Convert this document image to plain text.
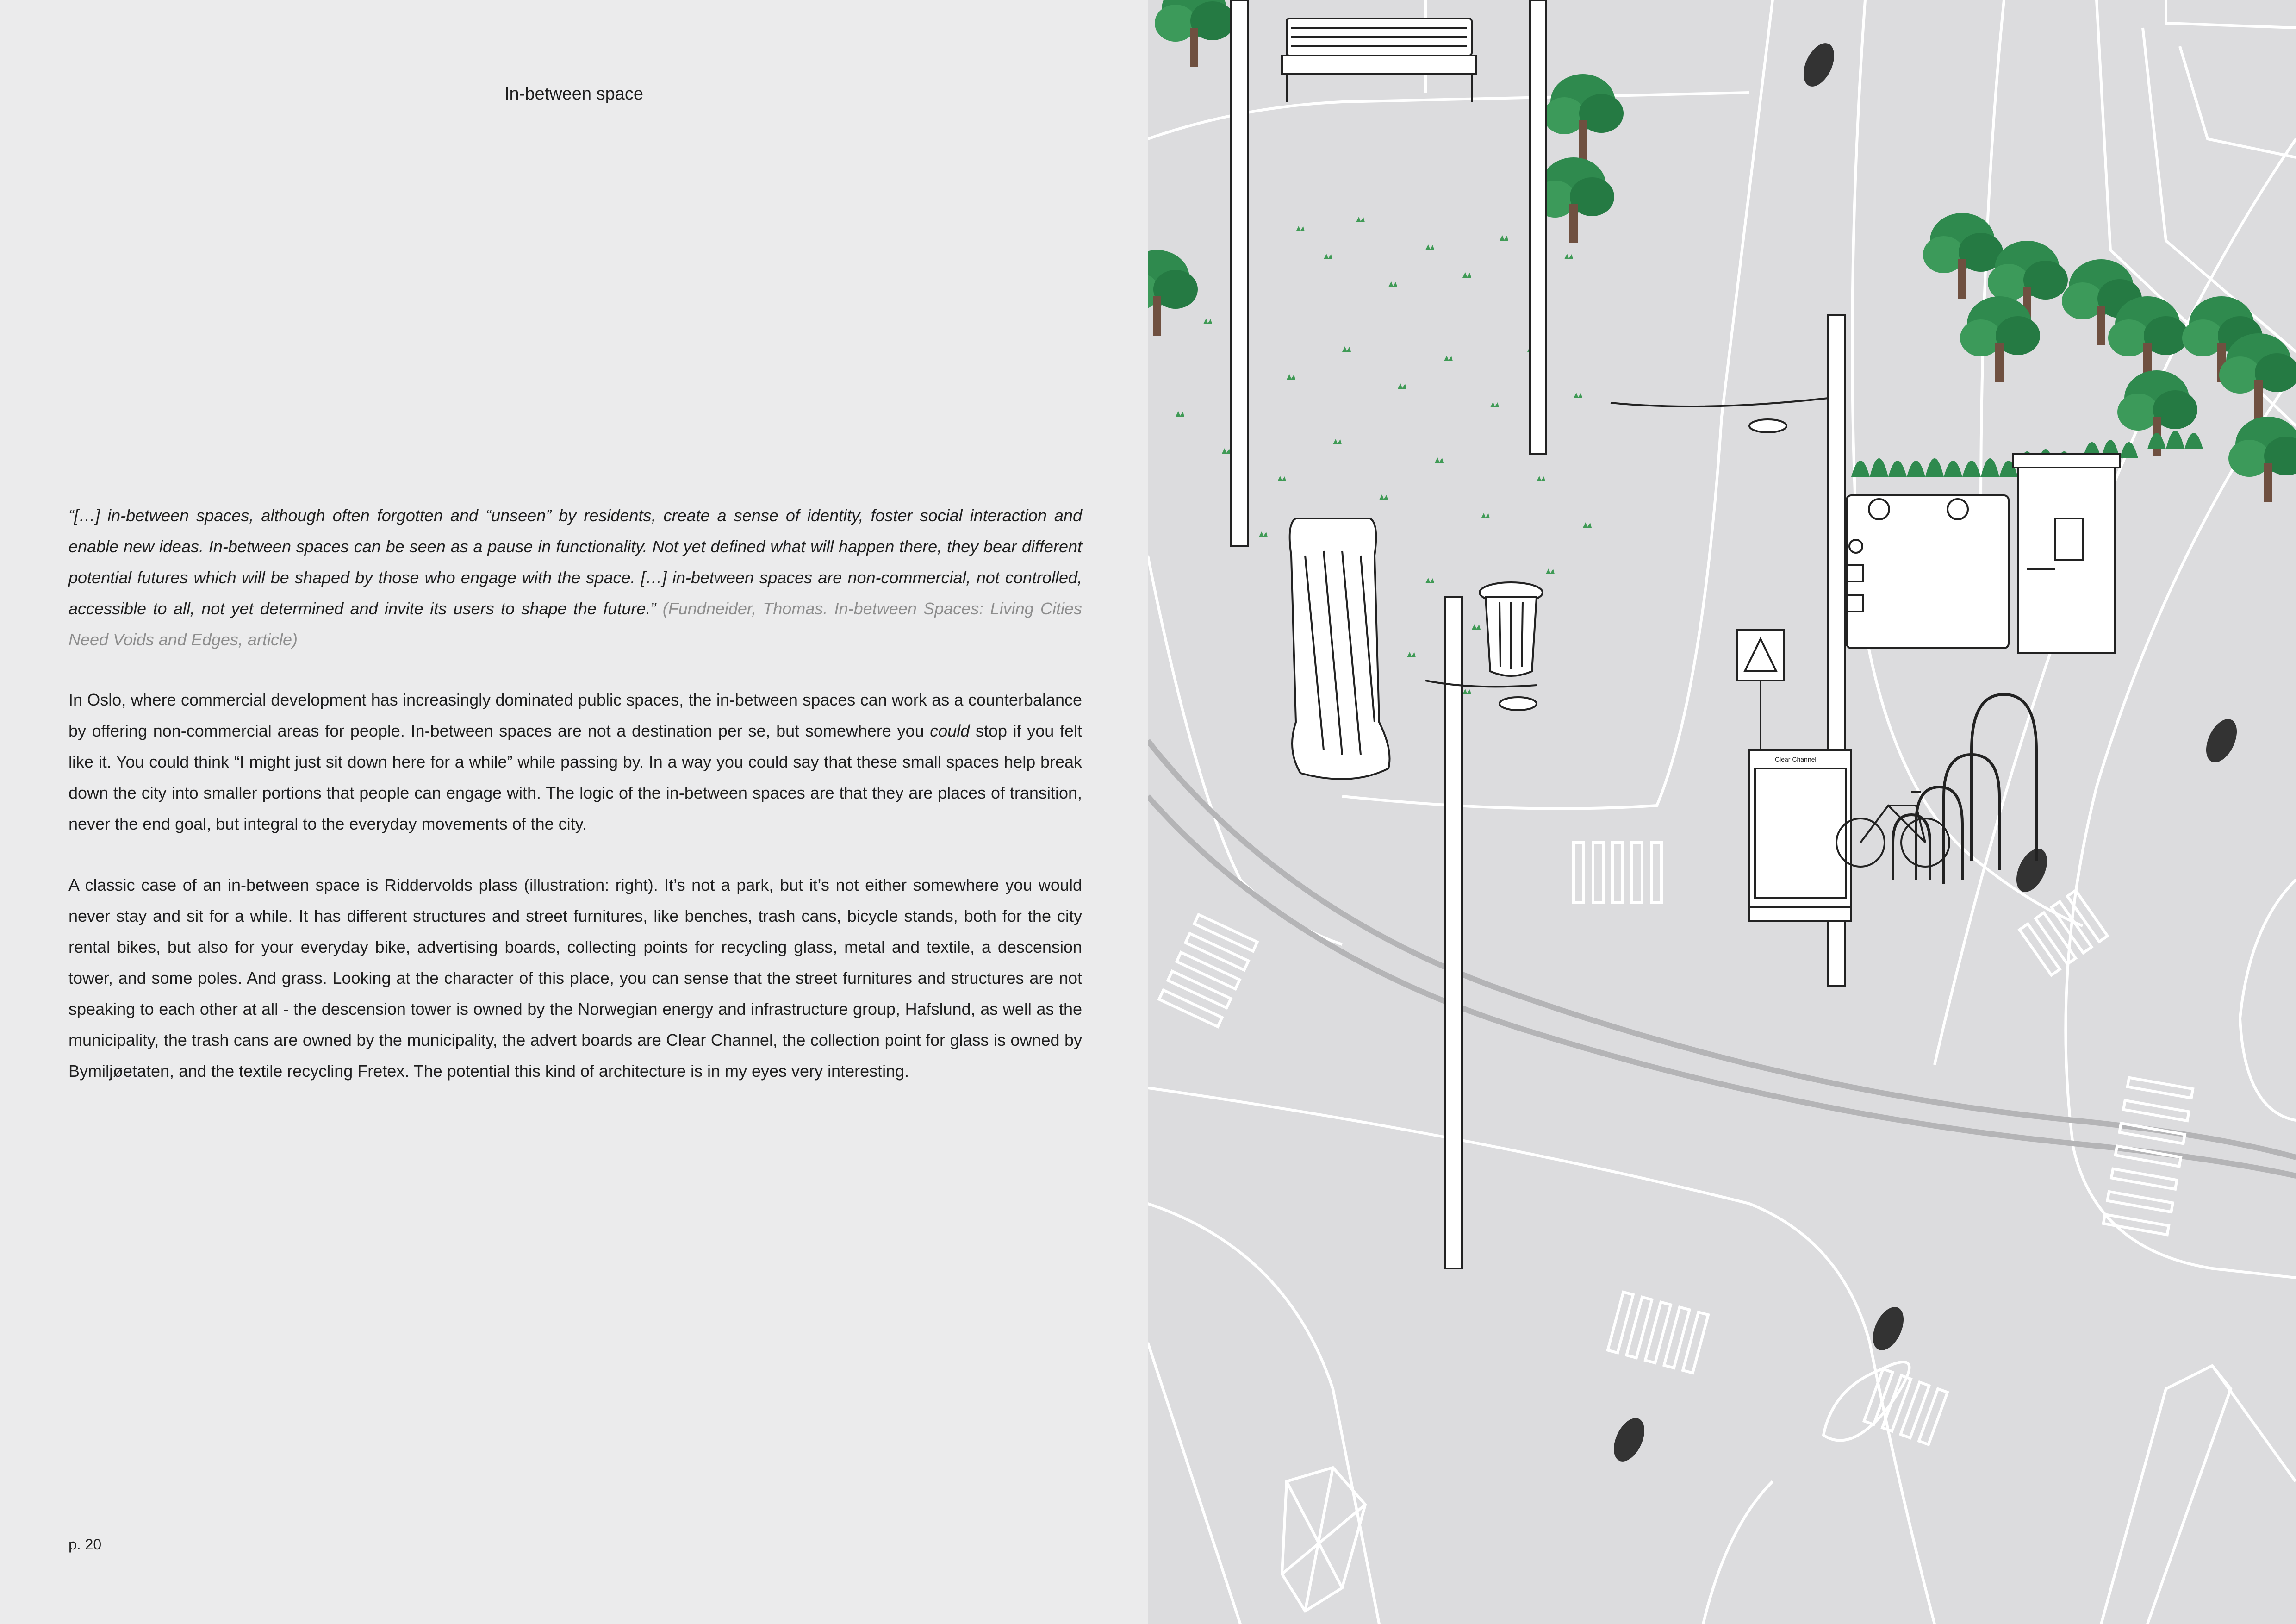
In-between space

“[…] in-between spaces, although often forgotten and “unseen” by residents, create a sense of identity, foster social interaction and enable new ideas. In-between spaces can be seen as a pause in functionality. Not yet defined what will happen there, they bear different potential futures which will be shaped by those who engage with the space. […] in-between spaces are non-commercial, not controlled, accessible to all, not yet determined and invite its users to shape the future.” (Fundneider, Thomas. In-between Spaces: Living Cities Need Voids and Edges, article)

In Oslo, where commercial development has increasingly dominated public spaces, the in-between spaces can work as a counterbalance by offering non-commercial areas for people. In-between spaces are not a destination per se, but somewhere you could stop if you felt like it. You could think “I might just sit down here for a while” while passing by. In a way you could say that these small spaces help break down the city into smaller portions that people can engage with. The logic of the in-between spaces are that they are places of transition, never the end goal, but integral to the everyday movements of the city.

A classic case of an in-between space is Riddervolds plass (illustration: right). It’s not a park, but it’s not either somewhere you would never stay and sit for a while. It has different structures and street furnitures, like benches, trash cans, bicycle stands, both for the city rental bikes, but also for your everyday bike, advertising boards, collecting points for recycling glass, metal and textile, a descension tower, and some poles. And grass. Looking at the character of this place, you can sense that the street furnitures and structures are not speaking to each other at all - the descension tower is owned by the Norwegian energy and infrastructure group, Hafslund, as well as the municipality, the trash cans are owned by the municipality, the advert boards are Clear Channel, the collection point for glass is owned by Bymiljøetaten, and the textile recycling Fretex. The potential this kind of architecture is in my eyes very interesting.

p. 20
Clear Channel
